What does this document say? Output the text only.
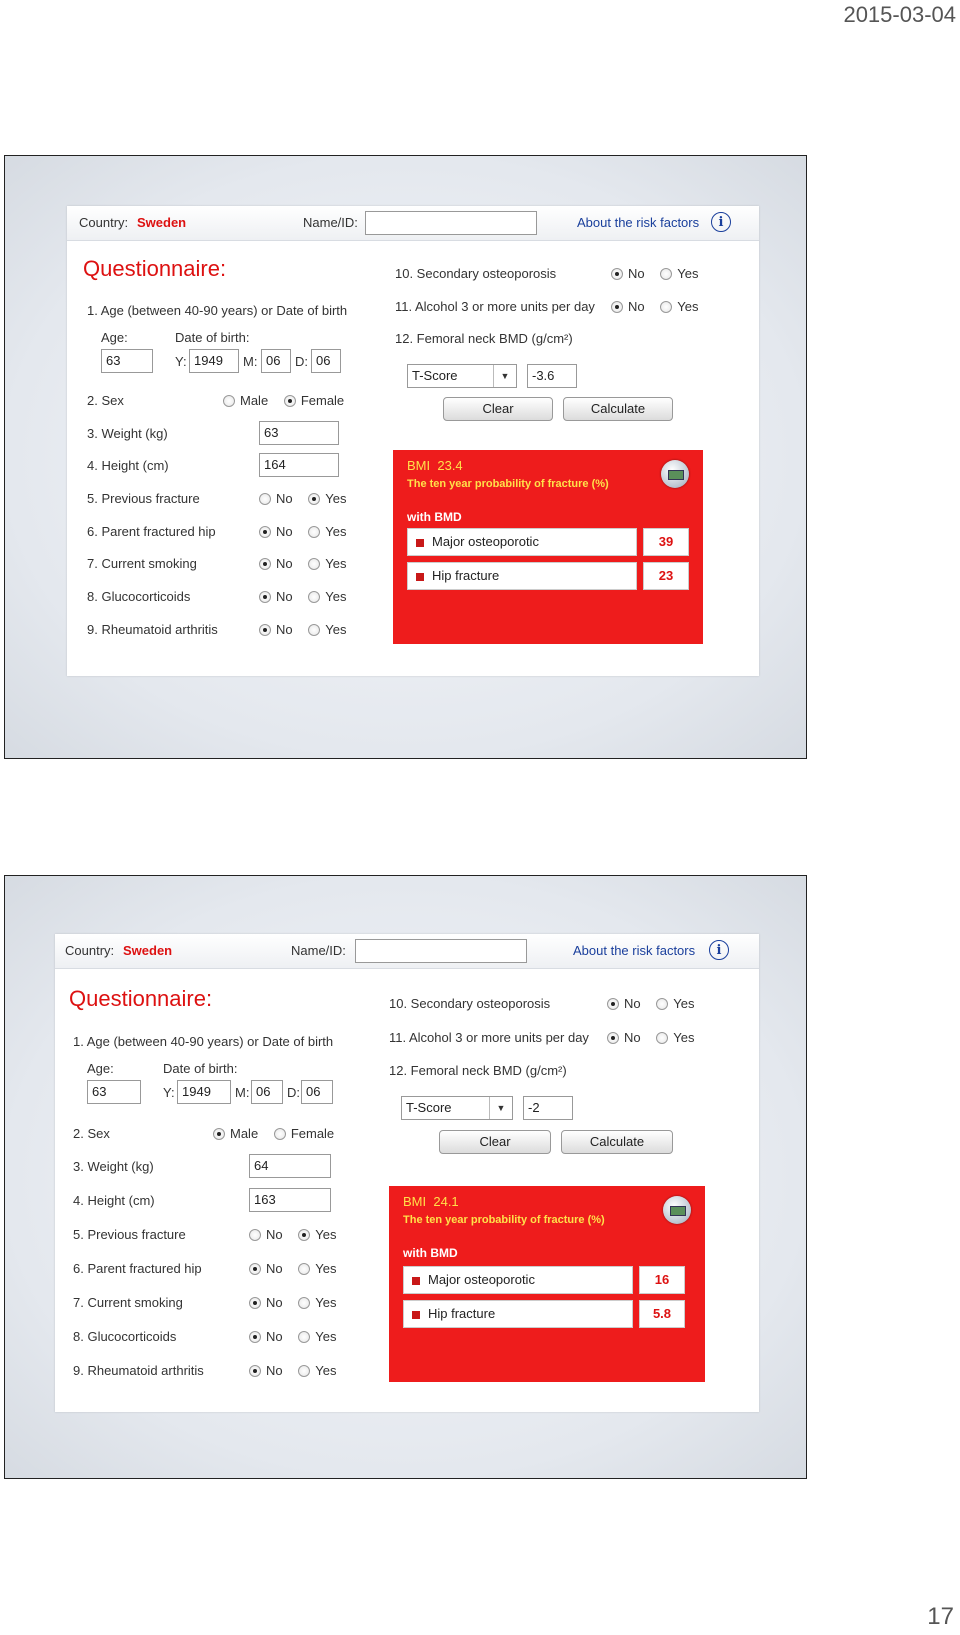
2015-03-04
Country: Sweden	Name/ID:	About the risk factors	i
Questionnaire:
1. Age (between 40-90 years) or Date of birth
Age:	Date of birth:
63	Y: 1949	M: 06	D: 06
2. Sex	Male	Female
3. Weight (kg)	63
4. Height (cm)	164
5. Previous fracture	No	Yes
6. Parent fractured hip	No	Yes
7. Current smoking	No	Yes
8. Glucocorticoids	No	Yes
9. Rheumatoid arthritis	No	Yes
10. Secondary osteoporosis	No	Yes
11. Alcohol 3 or more units per day	No	Yes
12. Femoral neck BMD (g/cm²)
T-Score	▼	-3.6
Clear	Calculate
BMI 23.4
The ten year probability of fracture (%)
with BMD
Major osteoporotic	39
Hip fracture	23
Country: Sweden	Name/ID:	About the risk factors	i
Questionnaire:
1. Age (between 40-90 years) or Date of birth
Age:	Date of birth:
63	Y: 1949	M: 06	D: 06
2. Sex	Male	Female
3. Weight (kg)	64
4. Height (cm)	163
5. Previous fracture	No	Yes
6. Parent fractured hip	No	Yes
7. Current smoking	No	Yes
8. Glucocorticoids	No	Yes
9. Rheumatoid arthritis	No	Yes
10. Secondary osteoporosis	No	Yes
11. Alcohol 3 or more units per day	No	Yes
12. Femoral neck BMD (g/cm²)
T-Score	▼	-2
Clear	Calculate
BMI 24.1
The ten year probability of fracture (%)
with BMD
Major osteoporotic	16
Hip fracture	5.8
17
